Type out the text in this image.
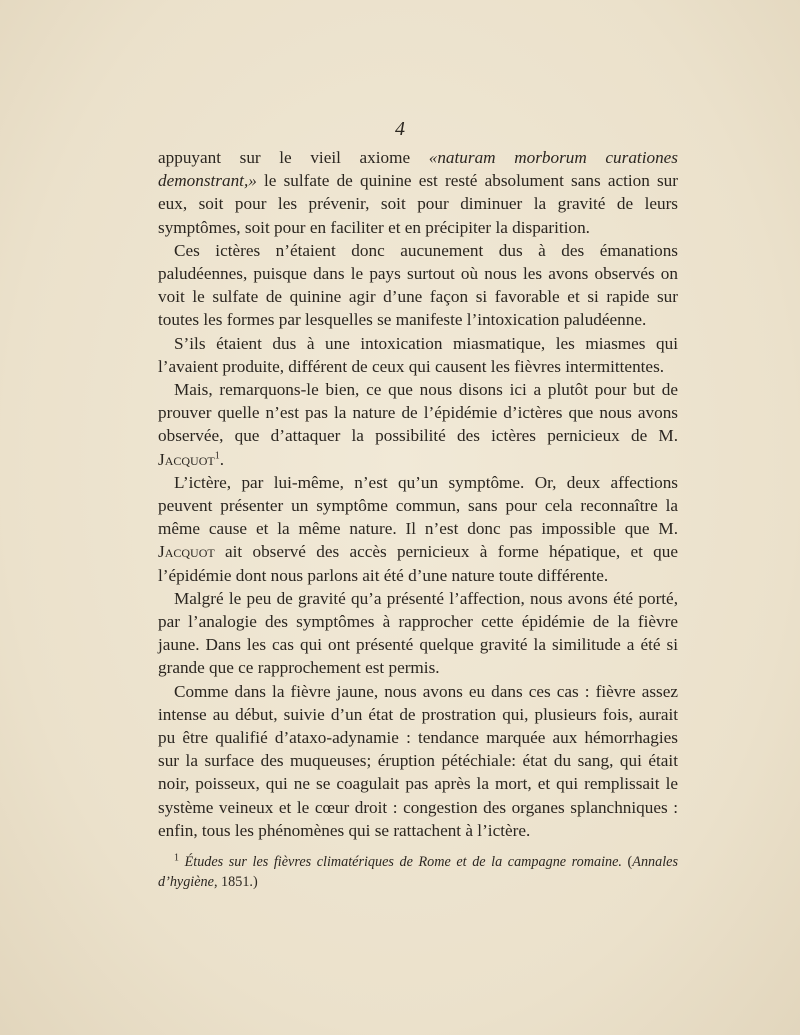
4

appuyant sur le vieil axiome «naturam morborum curationes demonstrant,» le sulfate de quinine est resté absolument sans action sur eux, soit pour les prévenir, soit pour diminuer la gravité de leurs symptômes, soit pour en faciliter et en précipiter la disparition.

Ces ictères n’étaient donc aucunement dus à des émanations paludéennes, puisque dans le pays surtout où nous les avons observés on voit le sulfate de quinine agir d’une façon si favorable et si rapide sur toutes les formes par lesquelles se manifeste l’intoxication paludéenne.

S’ils étaient dus à une intoxication miasmatique, les miasmes qui l’avaient produite, différent de ceux qui causent les fièvres intermittentes.

Mais, remarquons-le bien, ce que nous disons ici a plutôt pour but de prouver quelle n’est pas la nature de l’épidémie d’ictères que nous avons observée, que d’attaquer la possibilité des ictères pernicieux de M. Jacquot$^1$.

L’ictère, par lui-même, n’est qu’un symptôme. Or, deux affections peuvent présenter un symptôme commun, sans pour cela reconnaître la même cause et la même nature. Il n’est donc pas impossible que M. Jacquot ait observé des accès pernicieux à forme hépatique, et que l’épidémie dont nous parlons ait été d’une nature toute différente.

Malgré le peu de gravité qu’a présenté l’affection, nous avons été porté, par l’analogie des symptômes à rapprocher cette épidémie de la fièvre jaune. Dans les cas qui ont présenté quelque gravité la similitude a été si grande que ce rapprochement est permis.

Comme dans la fièvre jaune, nous avons eu dans ces cas : fièvre assez intense au début, suivie d’un état de prostration qui, plusieurs fois, aurait pu être qualifié d’ataxo-adynamie : tendance marquée aux hémorrhagies sur la surface des muqueuses; éruption pétéchiale: état du sang, qui était noir, poisseux, qui ne se coagulait pas après la mort, et qui remplissait le système veineux et le cœur droit : congestion des organes splanchniques : enfin, tous les phénomènes qui se rattachent à l’ictère.

$^1$ Études sur les fièvres climatériques de Rome et de la campagne romaine. (Annales d’hygiène, 1851.)
